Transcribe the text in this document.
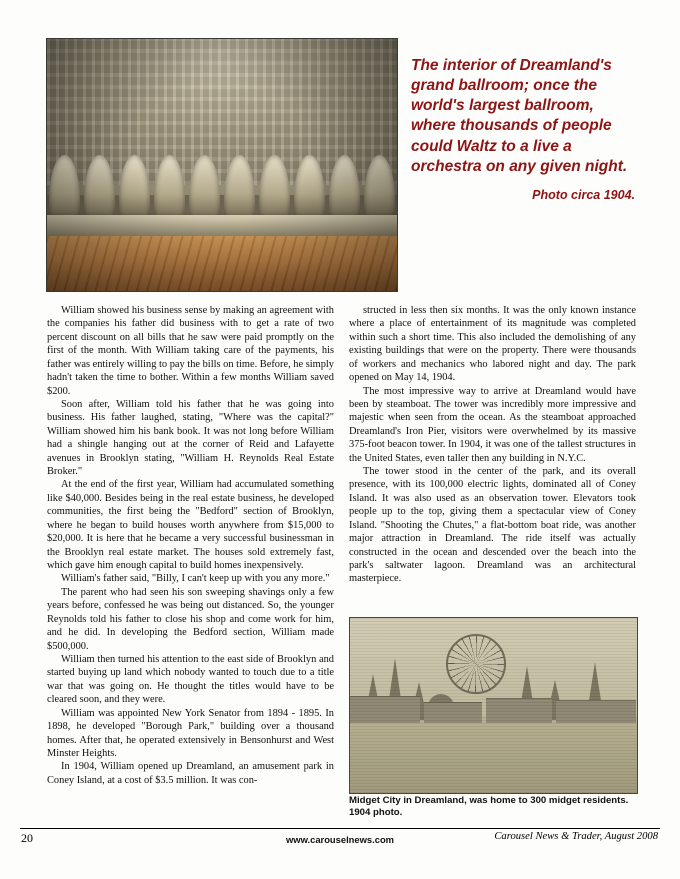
The interior of Dreamland's grand ballroom; once the world's largest ballroom, where thousands of people could Waltz to a live a orchestra on any given night.
Photo circa 1904.

William showed his business sense by making an agreement with the companies his father did business with to get a rate of two percent discount on all bills that he saw were paid promptly on the first of the month. With William taking care of the payments, his father was entirely willing to pay the bills on time. Before, he simply hadn't taken the time to bother. Within a few months William saved $200.

Soon after, William told his father that he was going into business. His father laughed, stating, "Where was the capital?" William showed him his bank book. It was not long before William had a shingle hanging out at the corner of Reid and Lafayette avenues in Brooklyn stating, "William H. Reynolds Real Estate Broker."

At the end of the first year, William had accumulated something like $40,000. Besides being in the real estate business, he developed communities, the first being the "Bedford" section of Brooklyn, where he began to build houses worth anywhere from $15,000 to $20,000. It is here that he became a very successful businessman in the Brooklyn real estate market. The houses sold extremely fast, which gave him enough capital to build homes inexpensively.

William's father said, "Billy, I can't keep up with you any more."

The parent who had seen his son sweeping shavings only a few years before, confessed he was being out distanced. So, the younger Reynolds told his father to close his shop and come work for him, and he did. In developing the Bedford section, William made $500,000.

William then turned his attention to the east side of Brooklyn and started buying up land which nobody wanted to touch due to a title war that was going on. He thought the titles would have to be cleared soon, and they were.

William was appointed New York Senator from 1894 - 1895. In 1898, he developed "Borough Park," building over a thousand homes. After that, he operated extensively in Bensonhurst and West Minster Heights.

In 1904, William opened up Dreamland, an amusement park in Coney Island, at a cost of $3.5 million. It was con-

structed in less then six months. It was the only known instance where a place of entertainment of its magnitude was completed within such a short time. This also included the demolishing of any existing buildings that were on the property. There were thousands of workers and mechanics who labored night and day. The park opened on May 14, 1904.

The most impressive way to arrive at Dreamland would have been by steamboat. The tower was incredibly more impressive and majestic when seen from the ocean. As the steamboat approached Dreamland's Iron Pier, visitors were overwhelmed by its massive 375-foot beacon tower. In 1904, it was one of the tallest structures in the United States, even taller then any building in N.Y.C.

The tower stood in the center of the park, and its overall presence, with its 100,000 electric lights, dominated all of Coney Island. It was also used as an observation tower. Elevators took people up to the top, giving them a spectacular view of Coney Island. "Shooting the Chutes," a flat-bottom boat ride, was another major attraction in Dreamland. The ride itself was actually constructed in the ocean and descended over the beach into the park's saltwater lagoon. Dreamland was an architectural masterpiece.

Midget City in Dreamland, was home to 300 midget residents. 1904 photo.
20	www.carouselnews.com	Carousel News & Trader, August 2008
